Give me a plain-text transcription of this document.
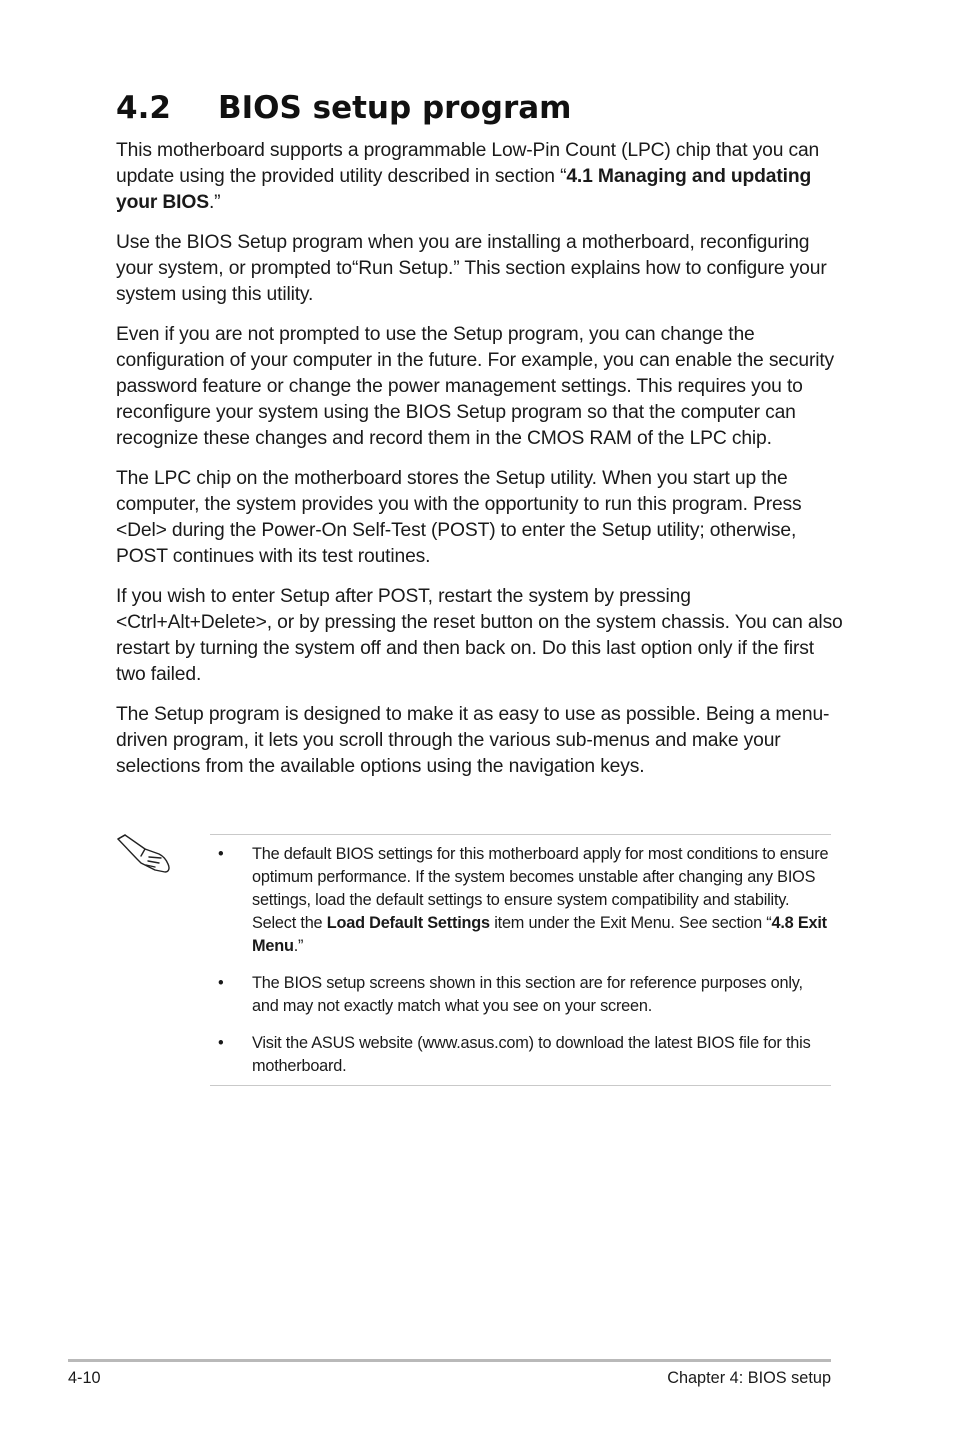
4.2 BIOS setup program

This motherboard supports a programmable Low-Pin Count (LPC) chip that you can update using the provided utility described in section “4.1 Managing and updating your BIOS.”

Use the BIOS Setup program when you are installing a motherboard, reconfiguring your system, or prompted to“Run Setup.” This section explains how to configure your system using this utility.

Even if you are not prompted to use the Setup program, you can change the configuration of your computer in the future. For example, you can enable the security password feature or change the power management settings. This requires you to reconfigure your system using the BIOS Setup program so that the computer can recognize these changes and record them in the CMOS RAM of the LPC chip.

The LPC chip on the motherboard stores the Setup utility. When you start up the computer, the system provides you with the opportunity to run this program. Press <Del> during the Power-On Self-Test (POST) to enter the Setup utility; otherwise, POST continues with its test routines.

If you wish to enter Setup after POST, restart the system by pressing <Ctrl+Alt+Delete>, or by pressing the reset button on the system chassis. You can also restart by turning the system off and then back on. Do this last option only if the first two failed.

The Setup program is designed to make it as easy to use as possible. Being a menu-driven program, it lets you scroll through the various sub-menus and make your selections from the available options using the navigation keys.

• The default BIOS settings for this motherboard apply for most conditions to ensure optimum performance. If the system becomes unstable after changing any BIOS settings, load the default settings to ensure system compatibility and stability. Select the Load Default Settings item under the Exit Menu. See section “4.8 Exit Menu.”
• The BIOS setup screens shown in this section are for reference purposes only, and may not exactly match what you see on your screen.
• Visit the ASUS website (www.asus.com) to download the latest BIOS file for this motherboard.
4-10	Chapter 4: BIOS setup
